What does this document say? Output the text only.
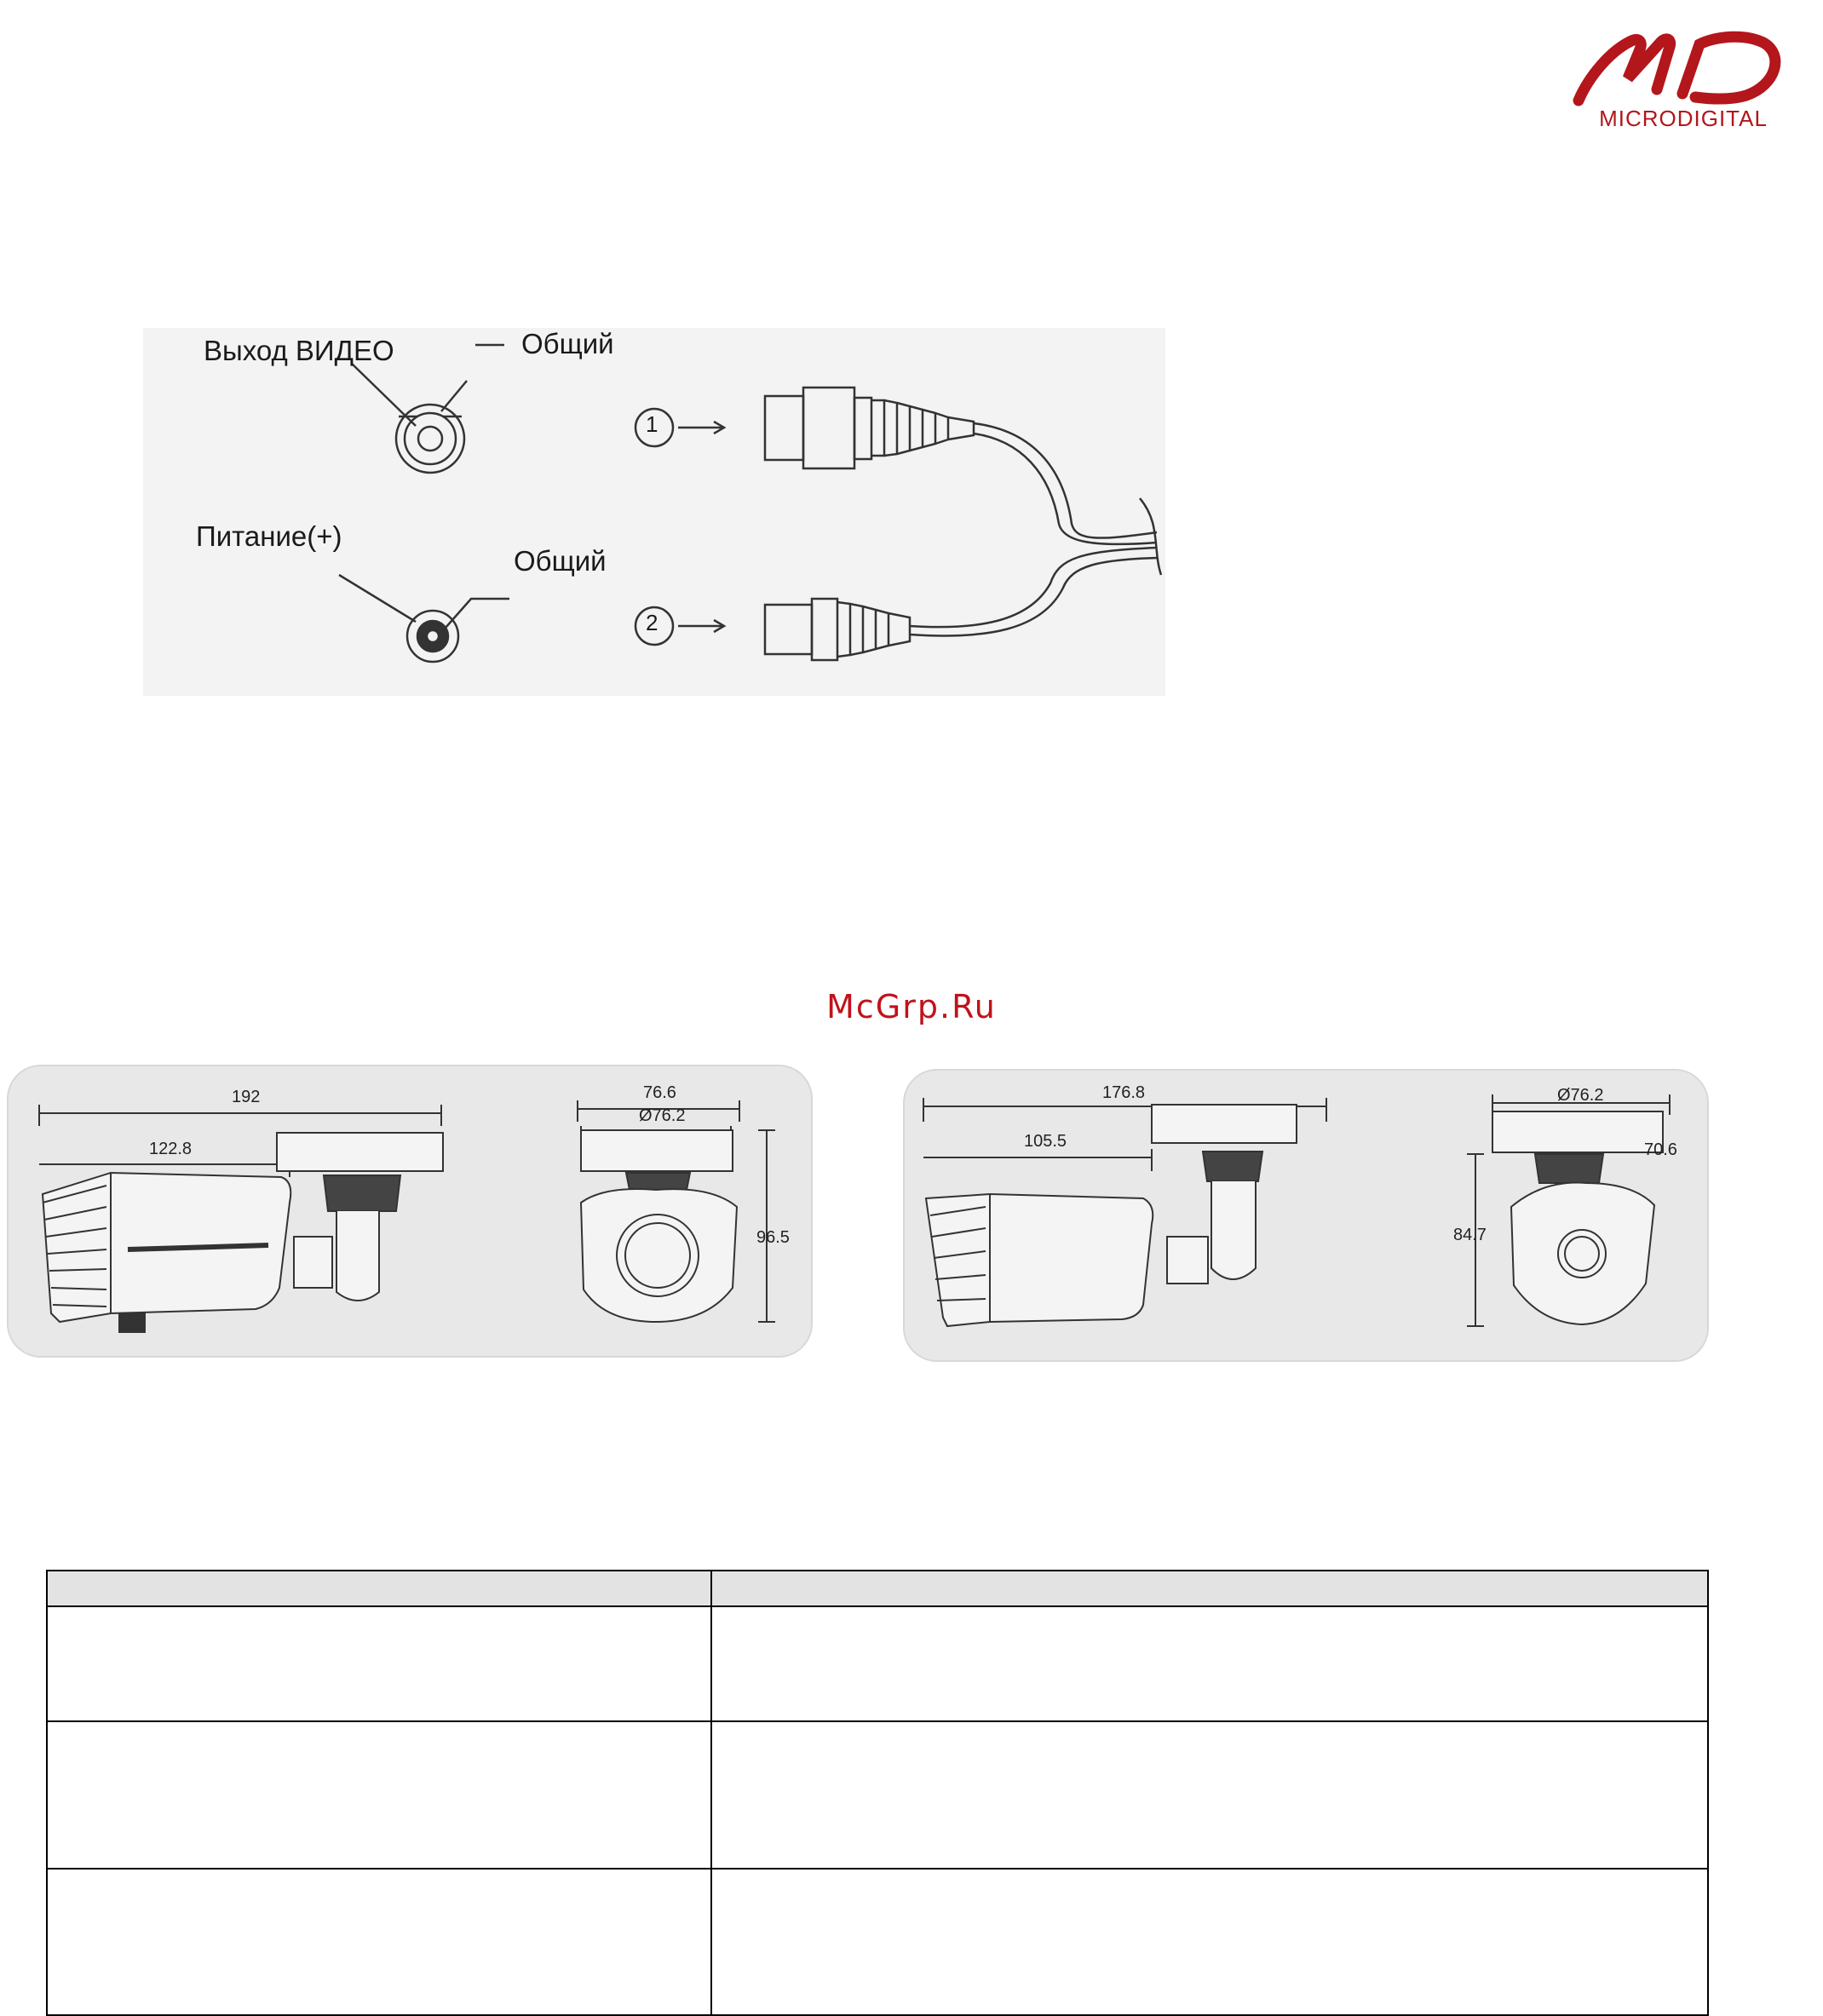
MICRODIGITAL
Выход ВИДЕО	Общий
Питание(+)
Общий
1
2
McGrp.Ru
192
122.8
76.6
Ø76.2
96.5
176.8
105.5
Ø76.2
70.6
84.7
